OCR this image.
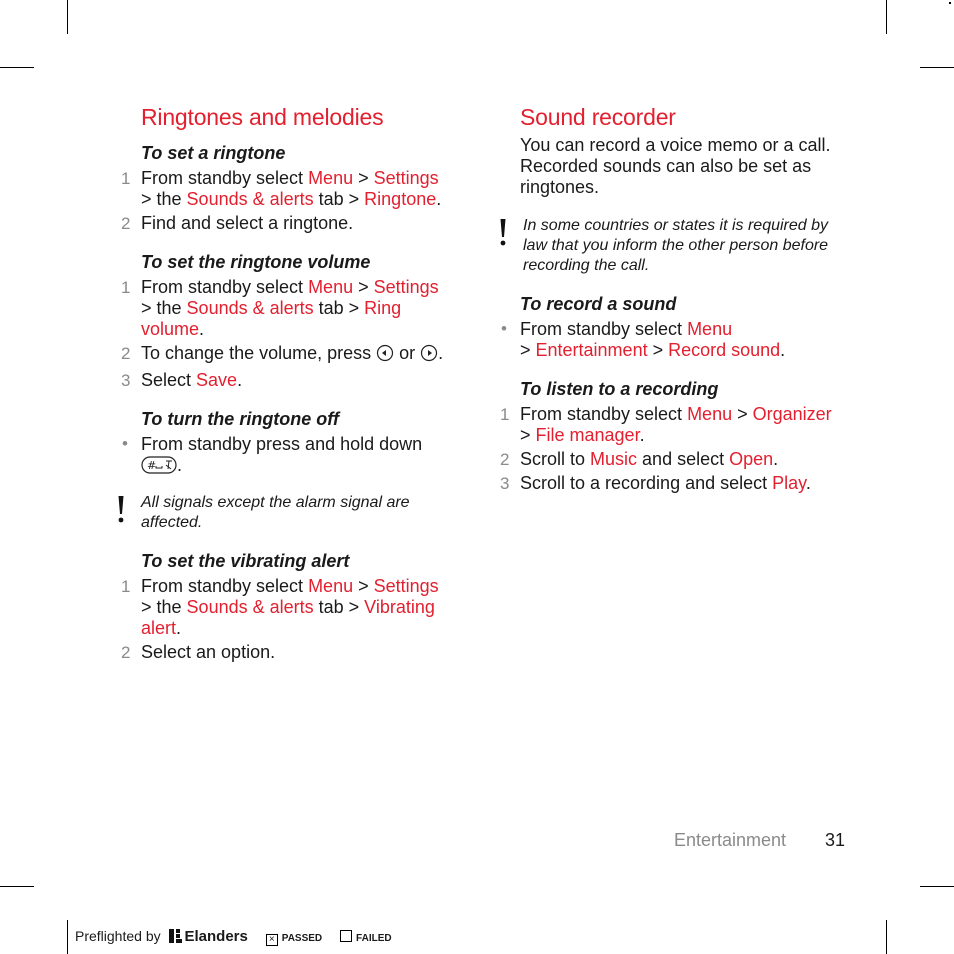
Ringtones and melodies
To set a ringtone
1 From standby select Menu > Settings
> the Sounds & alerts tab > Ringtone.
2 Find and select a ringtone.
To set the ringtone volume
1 From standby select Menu > Settings
> the Sounds & alerts tab > Ring
volume.
2 To change the volume, press  or .
3 Select Save.
To turn the ringtone off
• From standby press and hold down

# .
All signals except the alarm signal are affected.
To set the vibrating alert
1 From standby select Menu > Settings
> the Sounds & alerts tab > Vibrating
alert.
2 Select an option.
Sound recorder
You can record a voice memo or a call. Recorded sounds can also be set as ringtones.
In some countries or states it is required by law that you inform the other person before recording the call.
To record a sound
• From standby select Menu
> Entertainment > Record sound.
To listen to a recording
1 From standby select Menu > Organizer
> File manager.
2 Scroll to Music and select Open.
3 Scroll to a recording and select Play.
Entertainment 31
Preflighted by Elanders × PASSED	FAILED
